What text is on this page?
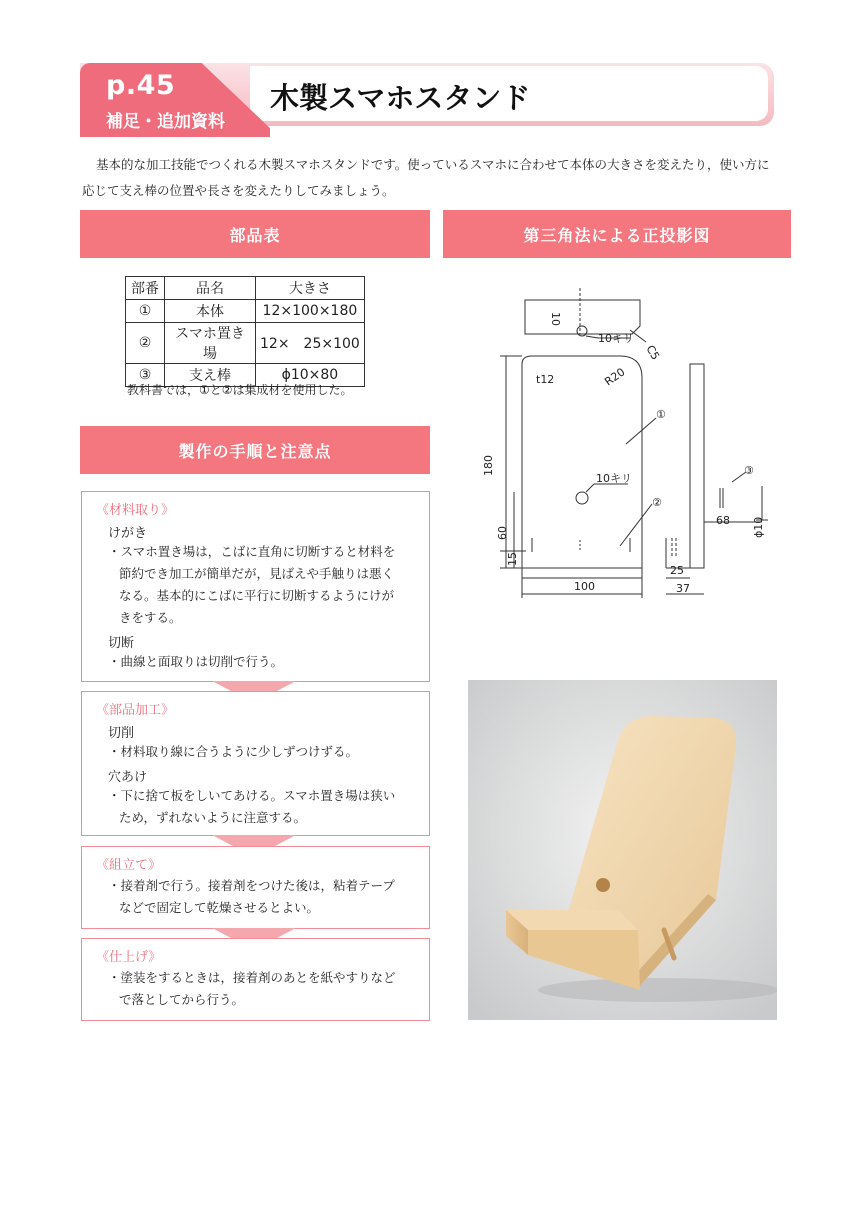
p.45
補足・追加資料
木製スマホスタンド
基本的な加工技能でつくれる木製スマホスタンドです。使っているスマホに合わせて本体の大きさを変えたり，使い方に応じて支え棒の位置や長さを変えたりしてみましょう。
部品表
部番	品名	大きさ
①	本体	12×100×180
②	スマホ置き場	12×　25×100
③	支え棒	ϕ10×80
教科書では，①と②は集成材を使用した。
製作の手順と注意点
《材料取り》
けがき
・スマホ置き場は，こばに直角に切断すると材料を
節約でき加工が簡単だが，見ばえや手触りは悪く
なる。基本的にこばに平行に切断するようにけが
きをする。
切断
・曲線と面取りは切削で行う。
《部品加工》
切削
・材料取り線に合うように少しずつけずる。
穴あけ
・下に捨て板をしいてあける。スマホ置き場は狭い
ため，ずれないように注意する。
《組立て》
・接着剤で行う。接着剤をつけた後は，粘着テープ
などで固定して乾燥させるとよい。
《仕上げ》
・塗装をするときは，接着剤のあとを紙やすりなど
で落としてから行う。
第三角法による正投影図
10
10キリ
C5
R20
t12
①
10キリ
②
③
180
60
15
100
25
37
68 ϕ10
